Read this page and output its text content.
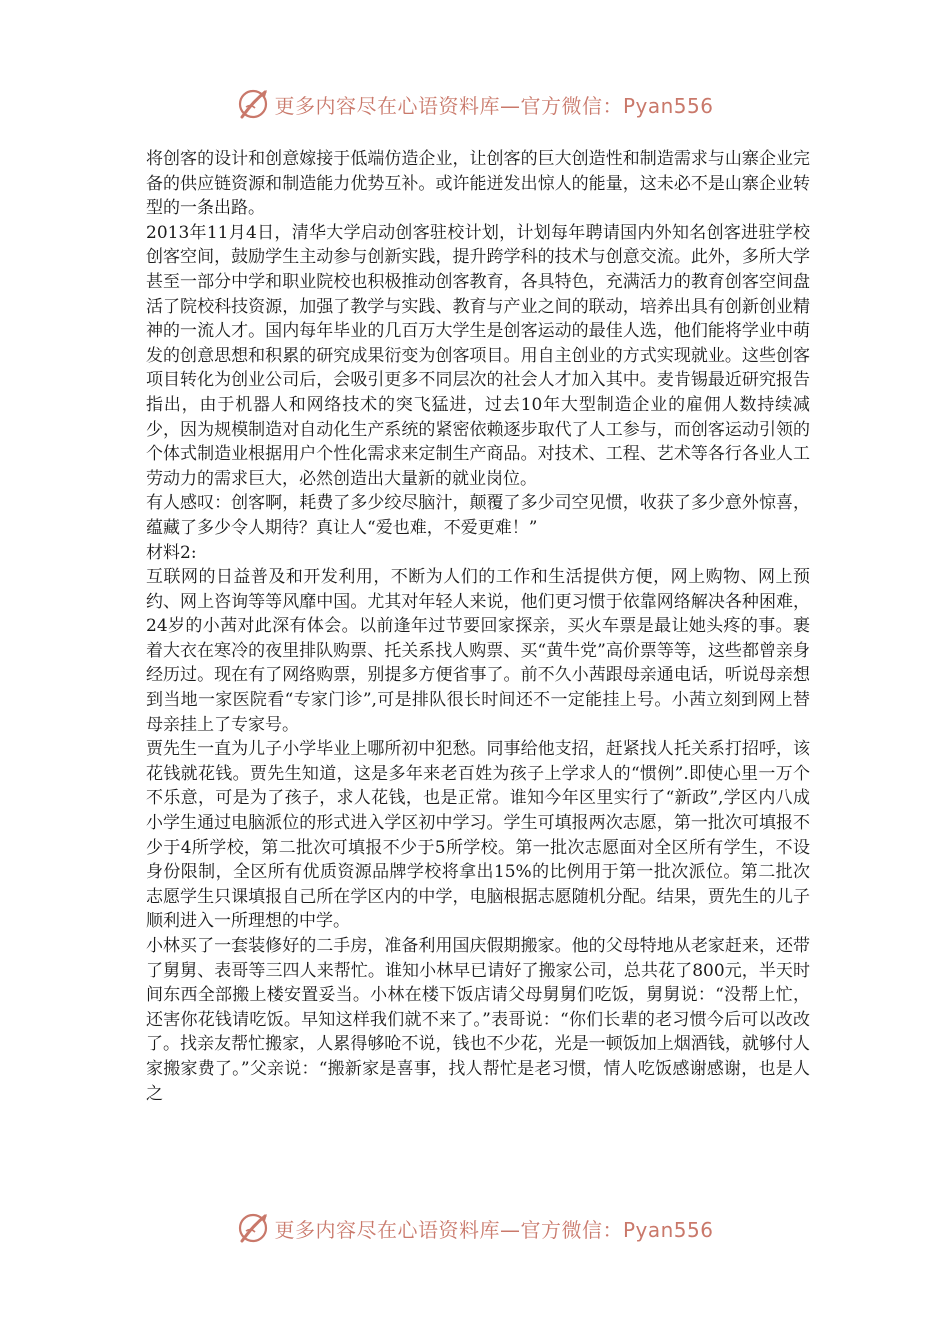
更多内容尽在心语资料库—官方微信：Pyan556

将创客的设计和创意嫁接于低端仿造企业，让创客的巨大创造性和制造需求与山寨企业完备的供应链资源和制造能力优势互补。或许能迸发出惊人的能量，这未必不是山寨企业转型的一条出路。

2013年11月4日，清华大学启动创客驻校计划，计划每年聘请国内外知名创客进驻学校创客空间，鼓励学生主动参与创新实践，提升跨学科的技术与创意交流。此外，多所大学甚至一部分中学和职业院校也积极推动创客教育，各具特色，充满活力的教育创客空间盘活了院校科技资源，加强了教学与实践、教育与产业之间的联动，培养出具有创新创业精神的一流人才。国内每年毕业的几百万大学生是创客运动的最佳人选，他们能将学业中萌发的创意思想和积累的研究成果衍变为创客项目。用自主创业的方式实现就业。这些创客项目转化为创业公司后，会吸引更多不同层次的社会人才加入其中。麦肯锡最近研究报告指出，由于机器人和网络技术的突飞猛进，过去10年大型制造企业的雇佣人数持续减少，因为规模制造对自动化生产系统的紧密依赖逐步取代了人工参与，而创客运动引领的个体式制造业根据用户个性化需求来定制生产商品。对技术、工程、艺术等各行各业人工劳动力的需求巨大，必然创造出大量新的就业岗位。

有人感叹：创客啊，耗费了多少绞尽脑汁，颠覆了多少司空见惯，收获了多少意外惊喜，蕴藏了多少令人期待？真让人“爱也难，不爱更难！”

材料2:

互联网的日益普及和开发利用，不断为人们的工作和生活提供方便，网上购物、网上预约、网上咨询等等风靡中国。尤其对年轻人来说，他们更习惯于依靠网络解决各种困难，24岁的小茜对此深有体会。以前逢年过节要回家探亲，买火车票是最让她头疼的事。裹着大衣在寒冷的夜里排队购票、托关系找人购票、买“黄牛党”高价票等等，这些都曾亲身经历过。现在有了网络购票，别提多方便省事了。前不久小茜跟母亲通电话，听说母亲想到当地一家医院看“专家门诊”,可是排队很长时间还不一定能挂上号。小茜立刻到网上替母亲挂上了专家号。

贾先生一直为儿子小学毕业上哪所初中犯愁。同事给他支招，赶紧找人托关系打招呼，该花钱就花钱。贾先生知道，这是多年来老百姓为孩子上学求人的“惯例”.即使心里一万个不乐意，可是为了孩子，求人花钱，也是正常。谁知今年区里实行了“新政”,学区内八成小学生通过电脑派位的形式进入学区初中学习。学生可填报两次志愿，第一批次可填报不少于4所学校，第二批次可填报不少于5所学校。第一批次志愿面对全区所有学生，不设身份限制，全区所有优质资源品牌学校将拿出15%的比例用于第一批次派位。第二批次志愿学生只课填报自己所在学区内的中学，电脑根据志愿随机分配。结果，贾先生的儿子顺利进入一所理想的中学。

小林买了一套装修好的二手房，准备利用国庆假期搬家。他的父母特地从老家赶来，还带了舅舅、表哥等三四人来帮忙。谁知小林早已请好了搬家公司，总共花了800元，半天时间东西全部搬上楼安置妥当。小林在楼下饭店请父母舅舅们吃饭，舅舅说：“没帮上忙，还害你花钱请吃饭。早知这样我们就不来了。”表哥说：“你们长辈的老习惯今后可以改改了。找亲友帮忙搬家，人累得够呛不说，钱也不少花，光是一顿饭加上烟酒钱，就够付人家搬家费了。”父亲说：“搬新家是喜事，找人帮忙是老习惯，情人吃饭感谢感谢，也是人之

更多内容尽在心语资料库—官方微信：Pyan556
